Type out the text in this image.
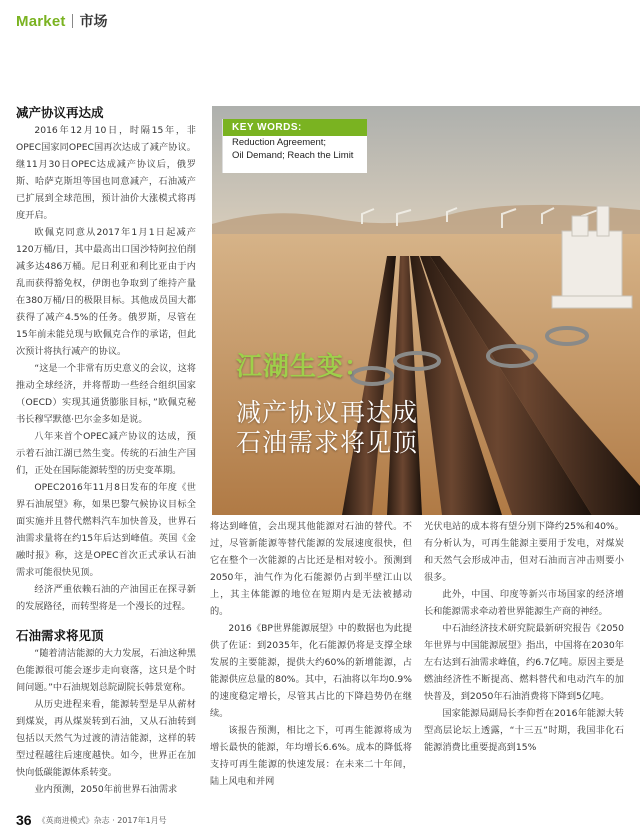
Market 市场
KEY WORDS:
Reduction Agreement;
Oil Demand; Reach the Limit
江湖生变：
减产协议再达成
石油需求将见顶
减产协议再达成

2016年12月10日，时隔15年，非OPEC国家同OPEC国再次达成了减产协议。继11月30日OPEC达成减产协议后，俄罗斯、哈萨克斯坦等国也同意减产，石油减产已扩展到全球范围，预计油价大涨模式将再度开启。

欧佩克同意从2017年1月1日起减产120万桶/日，其中最高出口国沙特阿拉伯削减多达486万桶。尼日利亚和利比亚由于内乱而获得豁免权，伊朗也争取到了维持产量在380万桶/日的极限目标。其他成员国大都获得了减产4.5%的任务。俄罗斯，尽管在15年前未能兑现与欧佩克合作的承诺，但此次预计将执行减产的协议。

“这是一个非常有历史意义的会议，这将推动全球经济，并将帮助一些经合组织国家（OECD）实现其通货膨胀目标，”欧佩克秘书长穆罕默德·巴尔金多如是说。

八年来首个OPEC减产协议的达成，预示着石油江湖已然生变。传统的石油生产国们，正处在国际能源转型的历史变革期。

OPEC2016年11月8日发布的年度《世界石油展望》称，如果巴黎气候协议目标全面实施并且替代燃料汽车加快普及，世界石油需求量将在约15年后达到峰值。英国《金融时报》称，这是OPEC首次正式承认石油需求可能很快见顶。

经济严重依赖石油的产油国正在探寻新的发展路径，而转型将是一个漫长的过程。

石油需求将见顶

“随着清洁能源的大力发展，石油这种黑色能源很可能会逐步走向衰落，这只是个时间问题。”中石油规划总院副院长韩景宽称。

从历史进程来看，能源转型是早从薪材到煤炭，再从煤炭转到石油，又从石油转到包括以天然气为过渡的清洁能源，这样的转型过程越往后速度越快。如今，世界正在加快向低碳能源体系转变。

业内预测，2050年前世界石油需求

将达到峰值，会出现其他能源对石油的替代。不过，尽管新能源等替代能源的发展速度很快，但它在整个一次能源的占比还是相对较小。预测到2050年，油气作为化石能源仍占到半壁江山以上，其主体能源的地位在短期内是无法被撼动的。

2016《BP世界能源展望》中的数据也为此提供了佐证：到2035年，化石能源仍将是支撑全球发展的主要能源，提供大约60%的新增能源，占能源供应总量的80%。其中，石油将以年均0.9%的速度稳定增长，尽管其占比的下降趋势仍在继续。

该报告预测，相比之下，可再生能源将成为增长最快的能源，年均增长6.6%。成本的降低将支持可再生能源的快速发展：在未来二十年间，陆上风电和并网

光伏电站的成本将有望分别下降约25%和40%。有分析认为，可再生能源主要用于发电，对煤炭和天然气会形成冲击，但对石油而言冲击则要小很多。

此外，中国、印度等新兴市场国家的经济增长和能源需求牵动着世界能源生产商的神经。

中石油经济技术研究院最新研究报告《2050年世界与中国能源展望》指出，中国将在2030年左右达到石油需求峰值，约6.7亿吨。原因主要是燃油经济性不断提高、燃料替代和电动汽车的加快普及，到2050年石油消费将下降到5亿吨。

国家能源局副局长李仰哲在2016年能源大转型高层论坛上透露，“十三五”时期，我国非化石能源消费比重要提高到15%

36 《英商进模式》杂志 · 2017年1月号
